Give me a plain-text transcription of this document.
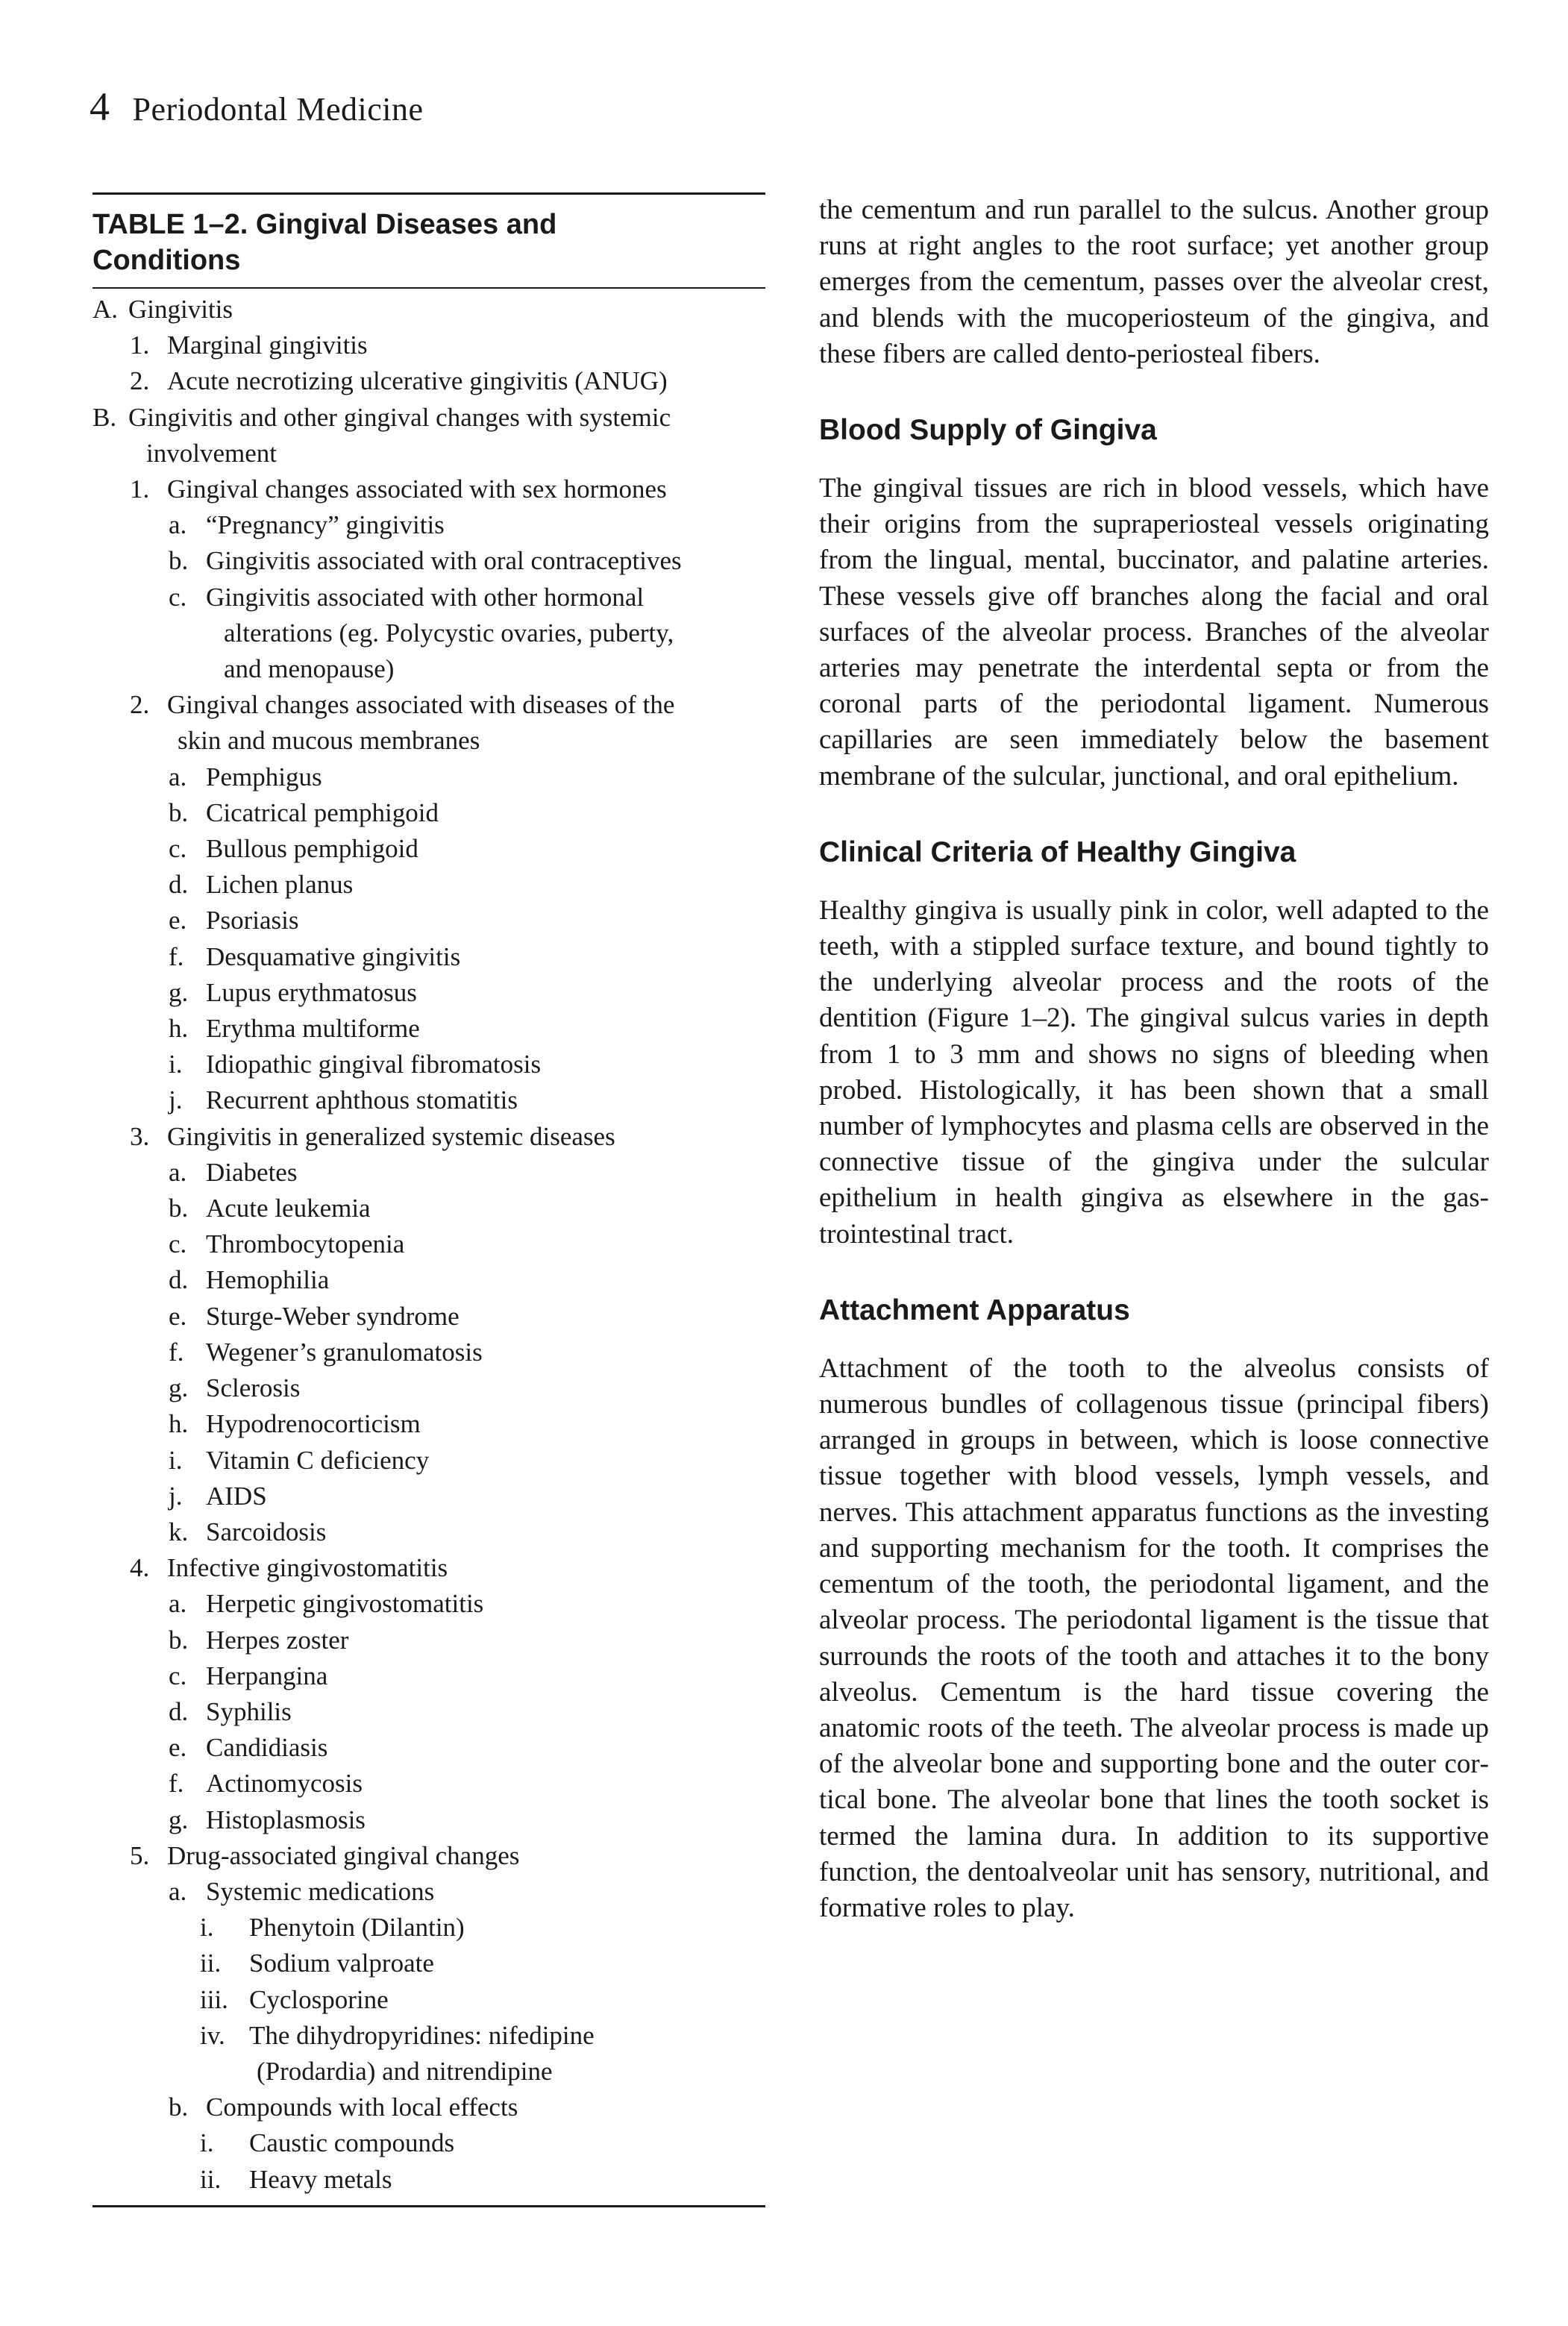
4 Periodontal Medicine
TABLE 1–2. Gingival Diseases and
Conditions
A. Gingivitis
1. Marginal gingivitis
2. Acute necrotizing ulcerative gingivitis (ANUG)
B. Gingivitis and other gingival changes with systemic
involvement
1. Gingival changes associated with sex hormones
a. “Pregnancy” gingivitis
b. Gingivitis associated with oral contraceptives
c. Gingivitis associated with other hormonal
alterations (eg. Polycystic ovaries, puberty,
and menopause)
2. Gingival changes associated with diseases of the
skin and mucous membranes
a. Pemphigus
b. Cicatrical pemphigoid
c. Bullous pemphigoid
d. Lichen planus
e. Psoriasis
f. Desquamative gingivitis
g. Lupus erythmatosus
h. Erythma multiforme
i. Idiopathic gingival fibromatosis
j. Recurrent aphthous stomatitis
3. Gingivitis in generalized systemic diseases
a. Diabetes
b. Acute leukemia
c. Thrombocytopenia
d. Hemophilia
e. Sturge-Weber syndrome
f. Wegener’s granulomatosis
g. Sclerosis
h. Hypodrenocorticism
i. Vitamin C deficiency
j. AIDS
k. Sarcoidosis
4. Infective gingivostomatitis
a. Herpetic gingivostomatitis
b. Herpes zoster
c. Herpangina
d. Syphilis
e. Candidiasis
f. Actinomycosis
g. Histoplasmosis
5. Drug-associated gingival changes
a. Systemic medications
i. Phenytoin (Dilantin)
ii. Sodium valproate
iii. Cyclosporine
iv. The dihydropyridines: nifedipine
(Prodardia) and nitrendipine
b. Compounds with local effects
i. Caustic compounds
ii. Heavy metals

the cementum and run parallel to the sulcus. Another group runs at right angles to the root surface; yet another group emerges from the cementum, passes over the alveolar crest, and blends with the mucoperiosteum of the gingiva, and these fibers are called dento-periosteal fibers.

Blood Supply of Gingiva

The gingival tissues are rich in blood vessels, which have their origins from the supraperiosteal vessels originating from the lingual, mental, buccinator, and palatine arteries. These vessels give off branches along the facial and oral surfaces of the alveolar process. Branches of the alveolar arteries may penetrate the interdental septa or from the coronal parts of the periodontal ligament. Numerous capillaries are seen immediately below the basement membrane of the sulcular, junctional, and oral epithelium.

Clinical Criteria of Healthy Gingiva

Healthy gingiva is usually pink in color, well adapted to the teeth, with a stippled surface texture, and bound tightly to the underlying alveolar process and the roots of the dentition (Figure 1–2). The gingival sulcus varies in depth from 1 to 3 mm and shows no signs of bleeding when probed. Histologically, it has been shown that a small number of lymphocytes and plasma cells are observed in the connective tissue of the gingiva under the sulcular epithelium in health gingiva as elsewhere in the gastrointestinal tract.

Attachment Apparatus

Attachment of the tooth to the alveolus consists of numerous bundles of collagenous tissue (principal fibers) arranged in groups in between, which is loose connective tissue together with blood vessels, lymph vessels, and nerves. This attachment apparatus functions as the investing and supporting mechanism for the tooth. It comprises the cementum of the tooth, the periodontal ligament, and the alveolar process. The periodontal ligament is the tissue that surrounds the roots of the tooth and attaches it to the bony alveolus. Cementum is the hard tissue covering the anatomic roots of the teeth. The alveolar process is made up of the alveolar bone and supporting bone and the outer cortical bone. The alveolar bone that lines the tooth socket is termed the lamina dura. In addition to its supportive function, the dentoalveolar unit has sensory, nutritional, and formative roles to play.
